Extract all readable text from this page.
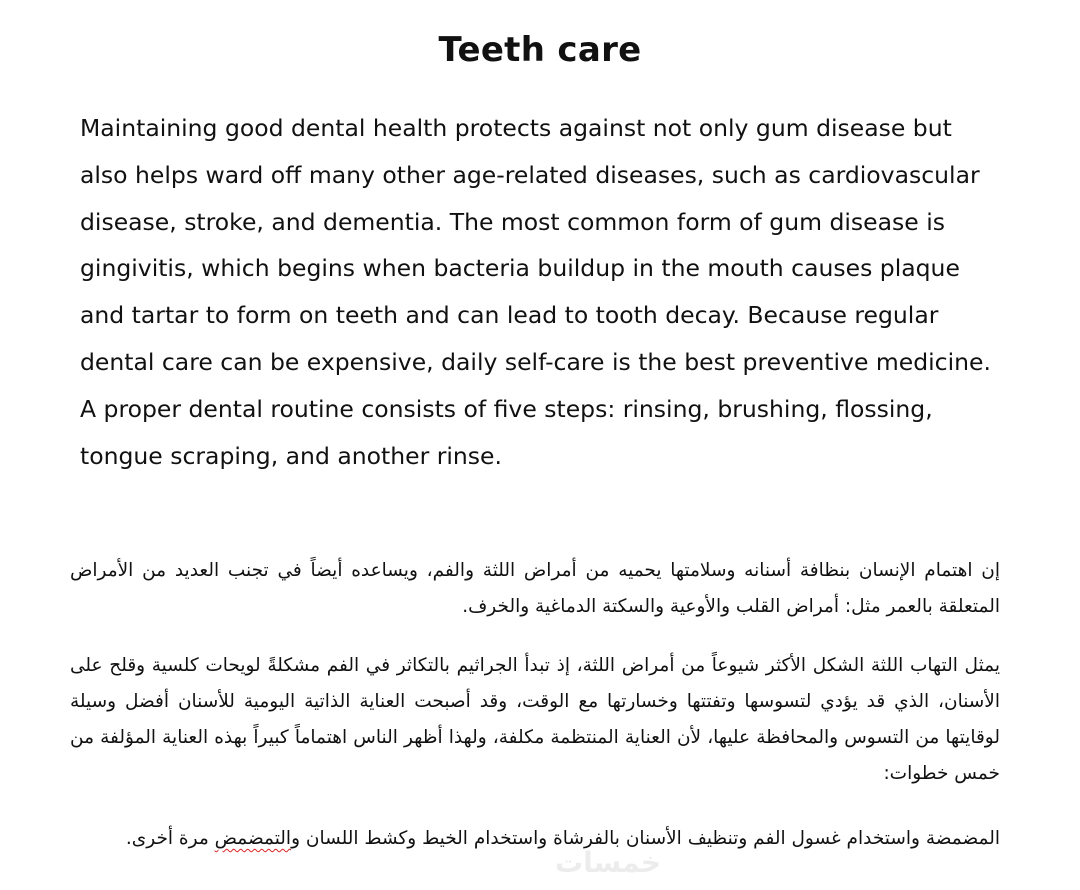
Teeth care

Maintaining good dental health protects against not only gum disease but also helps ward off many other age-related diseases, such as cardiovascular disease, stroke, and dementia. The most common form of gum disease is gingivitis, which begins when bacteria buildup in the mouth causes plaque and tartar to form on teeth and can lead to tooth decay. Because regular dental care can be expensive, daily self-care is the best preventive medicine. A proper dental routine consists of five steps: rinsing, brushing, flossing, tongue scraping, and another rinse.

إن اهتمام الإنسان بنظافة أسنانه وسلامتها يحميه من أمراض اللثة والفم، ويساعده أيضاً في تجنب العديد من الأمراض المتعلقة بالعمر مثل: أمراض القلب والأوعية والسكتة الدماغية والخرف.

يمثل التهاب اللثة الشكل الأكثر شيوعاً من أمراض اللثة، إذ تبدأ الجراثيم بالتكاثر في الفم مشكلةً لويحات كلسية وقلح على الأسنان، الذي قد يؤدي لتسوسها وتفتتها وخسارتها مع الوقت، وقد أصبحت العناية الذاتية اليومية للأسنان أفضل وسيلة لوقايتها من التسوس والمحافظة عليها، لأن العناية المنتظمة مكلفة، ولهذا أظهر الناس اهتماماً كبيراً بهذه العناية المؤلفة من خمس خطوات:

المضمضة واستخدام غسول الفم وتنظيف الأسنان بالفرشاة واستخدام الخيط وكشط اللسان والتمضمض مرة أخرى.

خمسات
